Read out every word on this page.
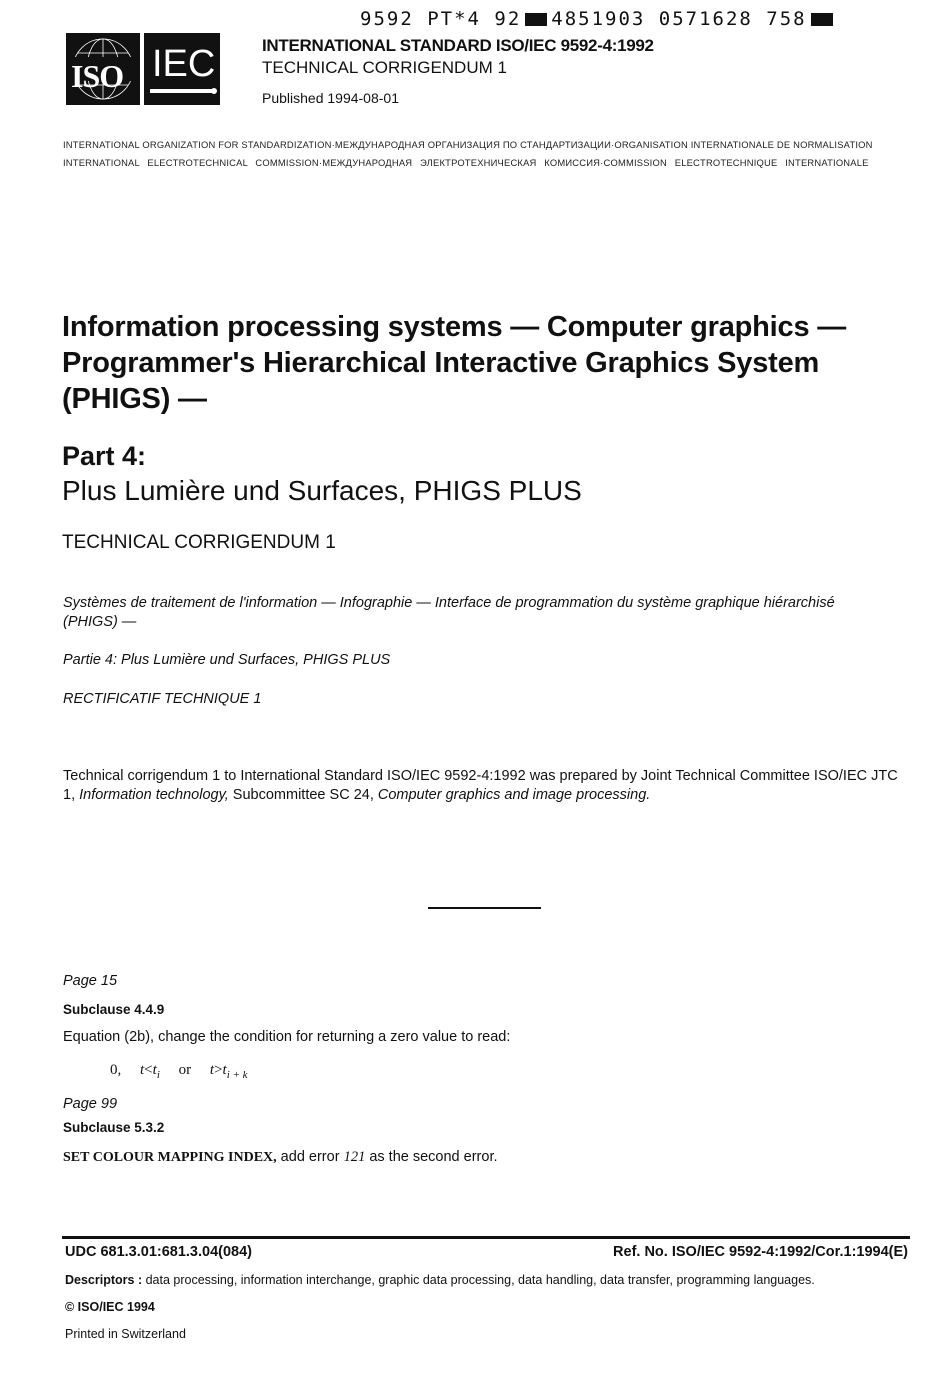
9592 PT*4 92 4851903 0571628 758
ISO IEC	INTERNATIONAL STANDARD ISO/IEC 9592-4:1992
TECHNICAL CORRIGENDUM 1
Published 1994-08-01
INTERNATIONAL ORGANIZATION FOR STANDARDIZATION·МЕЖДУНАРОДНАЯ ОРГАНИЗАЦИЯ ПО СТАНДАРТИЗАЦИИ·ORGANISATION INTERNATIONALE DE NORMALISATION
INTERNATIONAL ELECTROTECHNICAL COMMISSION·МЕЖДУНАРОДНАЯ ЭЛЕКТРОТЕХНИЧЕСКАЯ КОМИССИЯ·COMMISSION ELECTROTECHNIQUE INTERNATIONALE
Information processing systems — Computer graphics — Programmer's Hierarchical Interactive Graphics System (PHIGS) —
Part 4:
Plus Lumière und Surfaces, PHIGS PLUS
TECHNICAL CORRIGENDUM 1
Systèmes de traitement de l'information — Infographie — Interface de programmation du système graphique hiérarchisé (PHIGS) —
Partie 4: Plus Lumière und Surfaces, PHIGS PLUS
RECTIFICATIF TECHNIQUE 1
Technical corrigendum 1 to International Standard ISO/IEC 9592-4:1992 was prepared by Joint Technical Committee ISO/IEC JTC 1, Information technology, Subcommittee SC 24, Computer graphics and image processing.
Page 15
Subclause 4.4.9
Equation (2b), change the condition for returning a zero value to read:
0, $t<t_i$ or $t>t_{i + k}$
Page 99
Subclause 5.3.2
SET COLOUR MAPPING INDEX, add error 121 as the second error.
UDC 681.3.01:681.3.04(084)	Ref. No. ISO/IEC 9592-4:1992/Cor.1:1994(E)
Descriptors : data processing, information interchange, graphic data processing, data handling, data transfer, programming languages.
© ISO/IEC 1994
Printed in Switzerland
